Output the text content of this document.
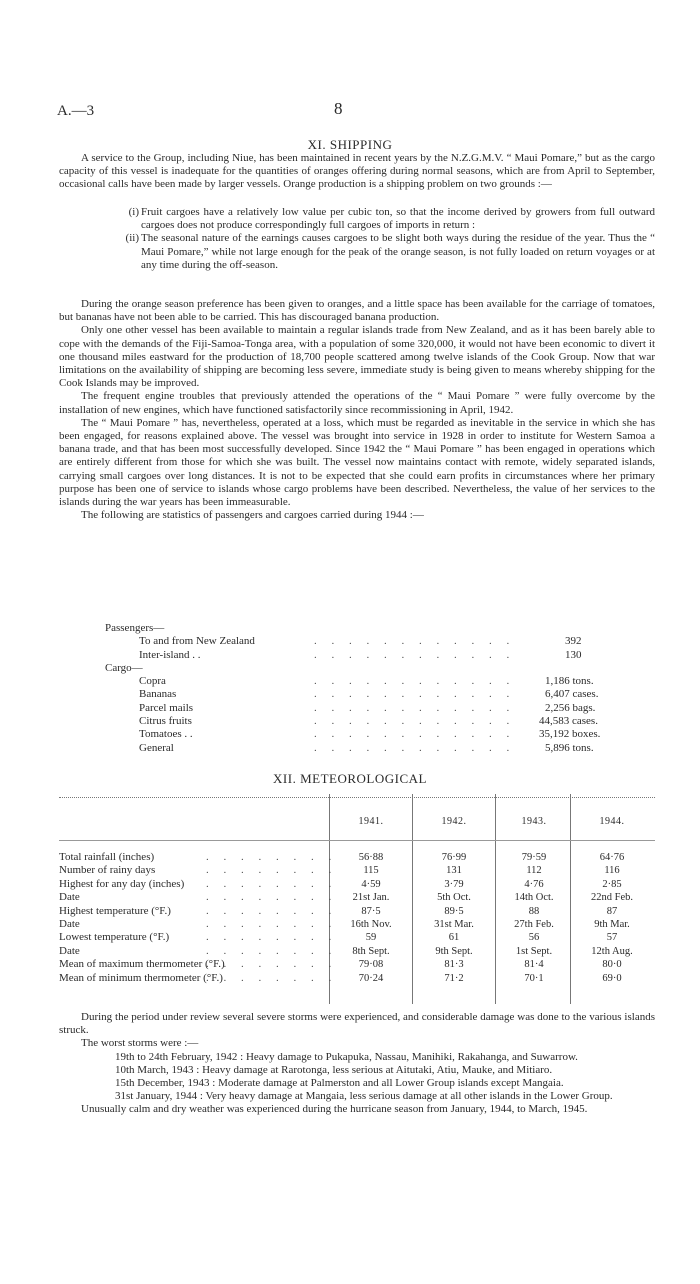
A.—3	8
XI. SHIPPING

A service to the Group, including Niue, has been maintained in recent years by the N.Z.G.M.V. “ Maui Pomare,” but as the cargo capacity of this vessel is inadequate for the quantities of oranges offering during normal seasons, which are from April to September, occasional calls have been made by larger vessels. Orange production is a shipping problem on two grounds :—

(i) Fruit cargoes have a relatively low value per cubic ton, so that the income derived by growers from full outward cargoes does not produce correspondingly full cargoes of imports in return :
(ii) The seasonal nature of the earnings causes cargoes to be slight both ways during the residue of the year. Thus the “ Maui Pomare,” while not large enough for the peak of the orange season, is not fully loaded on return voyages or at any time during the off-season.

During the orange season preference has been given to oranges, and a little space has been available for the carriage of tomatoes, but bananas have not been able to be carried. This has discouraged banana production.

Only one other vessel has been available to maintain a regular islands trade from New Zealand, and as it has been barely able to cope with the demands of the Fiji-Samoa-Tonga area, with a population of some 320,000, it would not have been economic to divert it one thousand miles eastward for the production of 18,700 people scattered among twelve islands of the Cook Group. Now that war limitations on the availability of shipping are becoming less severe, immediate study is being given to means whereby shipping for the Cook Islands may be improved.

The frequent engine troubles that previously attended the operations of the “ Maui Pomare ” were fully overcome by the installation of new engines, which have functioned satisfactorily since recommissioning in April, 1942.

The “ Maui Pomare ” has, nevertheless, operated at a loss, which must be regarded as inevitable in the service in which she has been engaged, for reasons explained above. The vessel was brought into service in 1928 in order to institute for Western Samoa a banana trade, and that has been most successfully developed. Since 1942 the “ Maui Pomare ” has been engaged in operations which are entirely different from those for which she was built. The vessel now maintains contact with remote, widely separated islands, carrying small cargoes over long distances. It is not to be expected that she could earn profits in circumstances where her primary purpose has been one of service to islands whose cargo problems have been described. Nevertheless, the value of her services to the islands during the war years has been immeasurable.

The following are statistics of passengers and cargoes carried during 1944 :—

Passengers—
To and from New Zealand	. . . . . . . . . . . .	392
Inter-island . .	. . . . . . . . . . . .	130
Cargo—
Copra	. . . . . . . . . . . .	1,186 tons.
Bananas	. . . . . . . . . . . .	6,407 cases.
Parcel mails	. . . . . . . . . . . .	2,256 bags.
Citrus fruits	. . . . . . . . . . . . 44,583 cases.
Tomatoes . .	. . . . . . . . . . . . 35,192 boxes.
General	. . . . . . . . . . . .	5,896 tons.
XII. METEOROLOGICAL
1941.	1942.	1943.	1944.
Total rainfall (inches)	. . . . . . . .	56·88	76·99	79·59	64·76
Number of rainy days	. . . . . . . .	115	131	112	116
Highest for any day (inches) . . . . . . . .	4·59	3·79	4·76	2·85
Date	. . . . . . . .	21st Jan.	5th Oct.	14th Oct.	22nd Feb.
Highest temperature (°F.)	. . . . . . . .	87·5	89·5	88	87
Date	. . . . . . . .	16th Nov.	31st Mar.	27th Feb.	9th Mar.
Lowest temperature (°F.)	. . . . . . . .	59	61	56	57
Date	. . . . . . . .	8th Sept.	9th Sept.	1st Sept.	12th Aug.
Mean of maximum thermometer (°F.)
. . . . . . . .	79·08	81·3	81·4	80·0
Mean of minimum thermometer (°F.)
. . . . . . . .	70·24	71·2	70·1	69·0

During the period under review several severe storms were experienced, and considerable damage was done to the various islands struck.

The worst storms were :—

19th to 24th February, 1942 : Heavy damage to Pukapuka, Nassau, Manihiki, Rakahanga, and Suwarrow.

10th March, 1943 : Heavy damage at Rarotonga, less serious at Aitutaki, Atiu, Mauke, and Mitiaro.

15th December, 1943 : Moderate damage at Palmerston and all Lower Group islands except Mangaia.

31st January, 1944 : Very heavy damage at Mangaia, less serious damage at all other islands in the Lower Group.

Unusually calm and dry weather was experienced during the hurricane season from January, 1944, to March, 1945.
